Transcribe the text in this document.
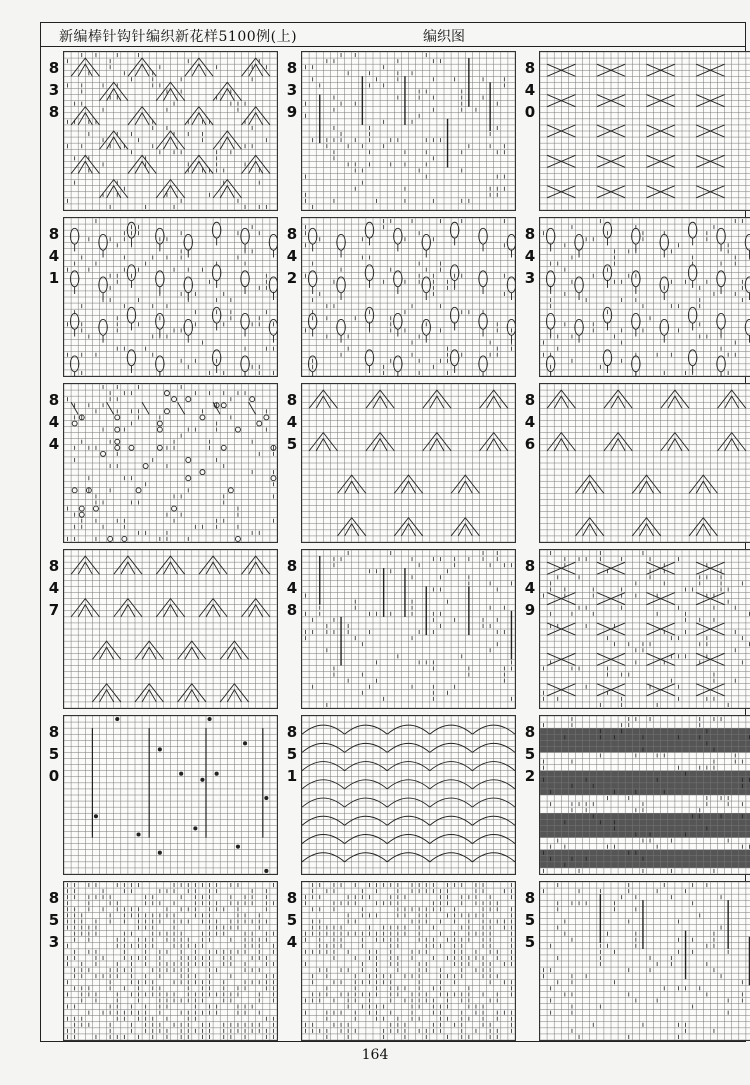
新编棒针钩针编织新花样5100例(上)	编织图
8
3
8
8
3
9
8
4
0
8
4
1
8
4
2
8
4
3
8
4
4
8
4
5
8
4
6
8
4
7
8
4
8
8
4
9
8
5
0
8
5
1
8
5
2
8
5
3
8
5
4
8
5
5
164
